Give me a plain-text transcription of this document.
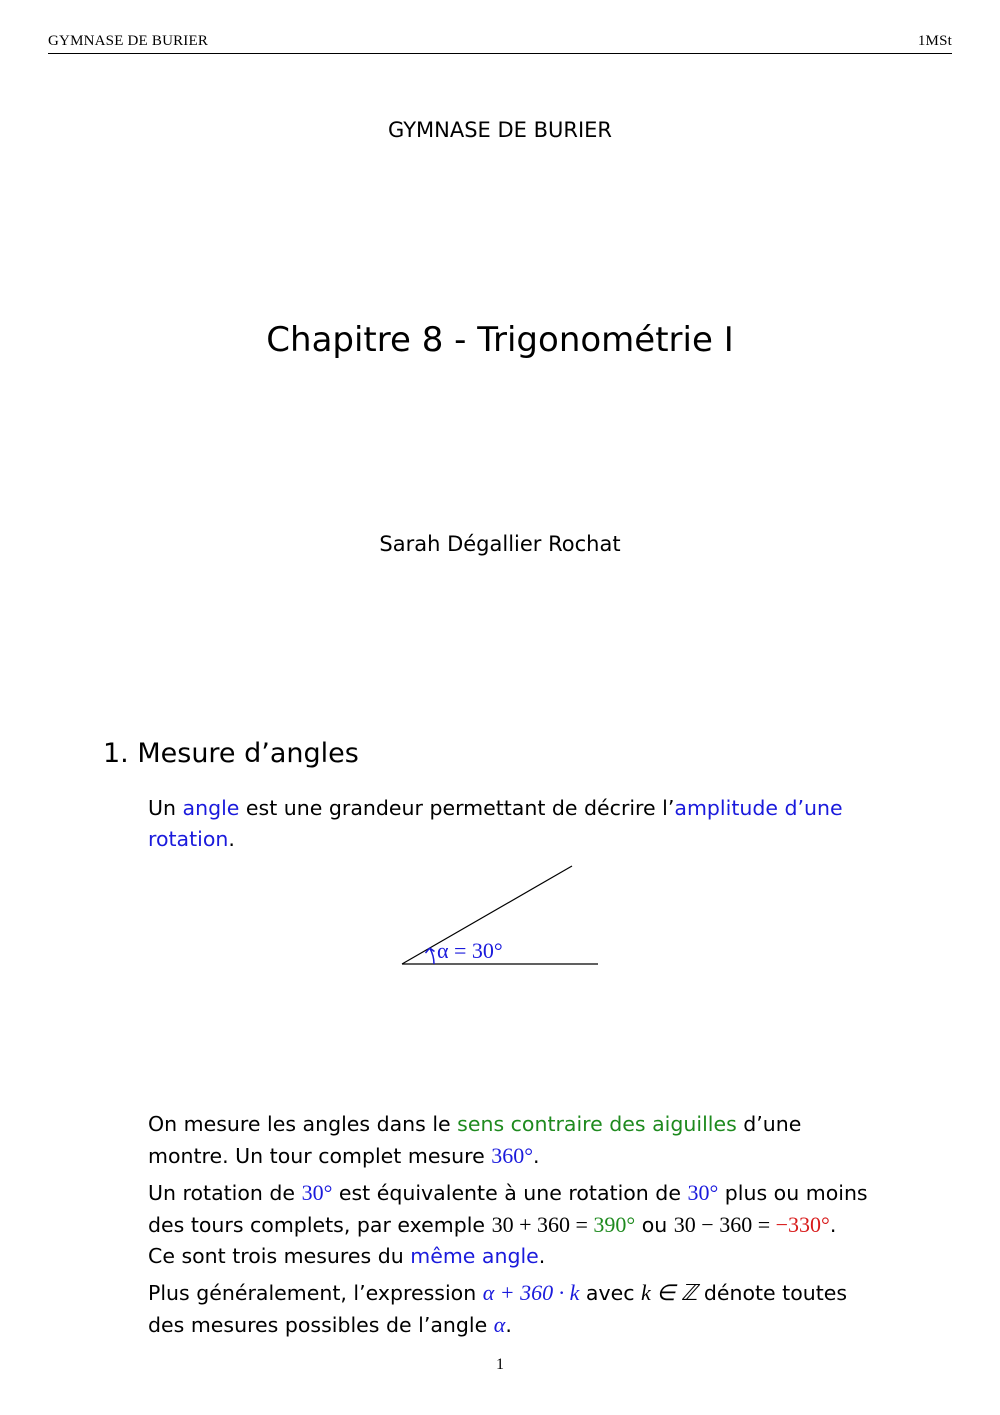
GYMNASE DE BURIER	1MSt
GYMNASE DE BURIER
Chapitre 8 - Trigonométrie I
Sarah Dégallier Rochat
1. Mesure d’angles
Un angle est une grandeur permettant de décrire l’amplitude d’une rotation.
α = 30°
On mesure les angles dans le sens contraire des aiguilles d’une montre. Un tour complet mesure 360°.
Un rotation de 30° est équivalente à une rotation de 30° plus ou moins des tours complets, par exemple 30 + 360 = 390° ou 30 − 360 = −330°. Ce sont trois mesures du même angle.
Plus généralement, l’expression α + 360 · k avec k ∈ ℤ dénote toutes des mesures possibles de l’angle α.
1
